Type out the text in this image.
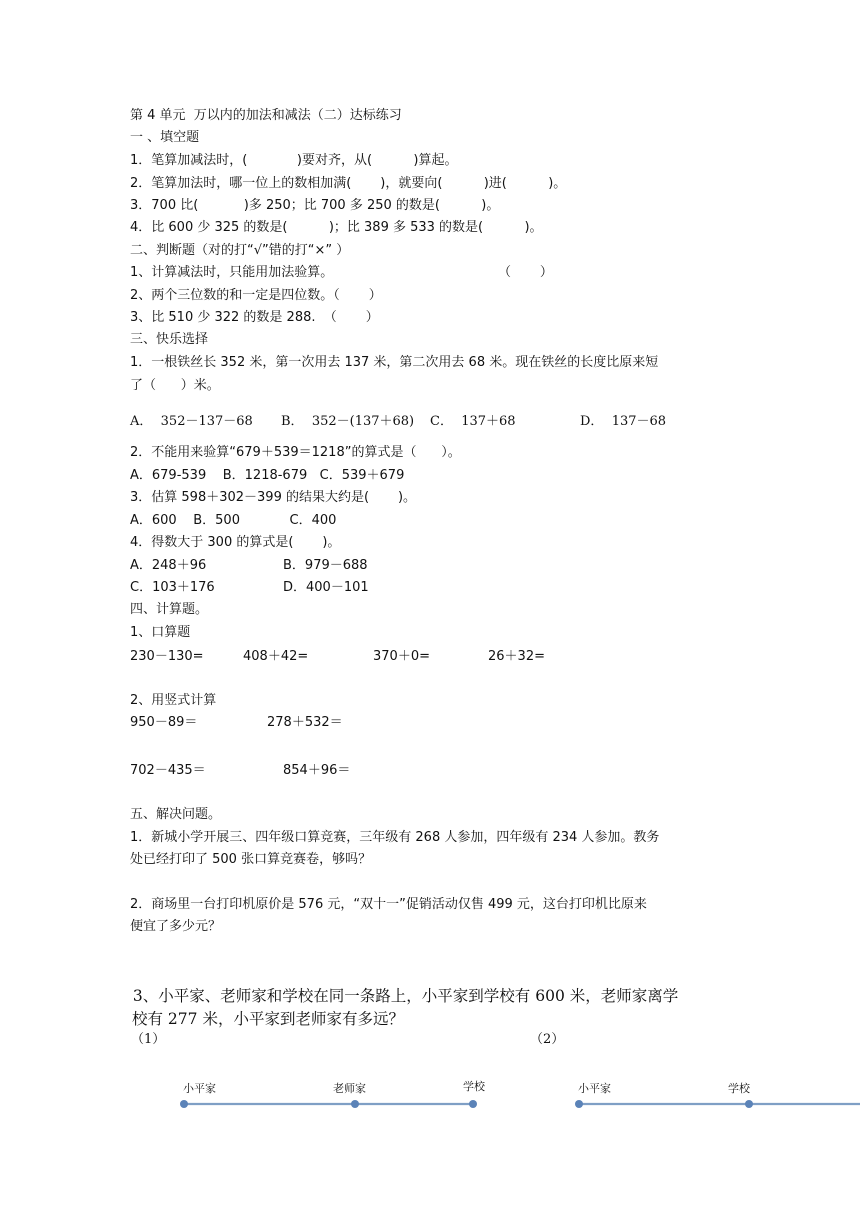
第 4 单元  万以内的加法和减法（二）达标练习
一 、填空题
1．笔算加减法时，(            )要对齐，从(          )算起。
2．笔算加法时，哪一位上的数相加满(       )，就要向(          )进(          )。
3．700 比(           )多 250；比 700 多 250 的数是(          )。
4．比 600 少 325 的数是(          )；比 389 多 533 的数是(          )。
二、判断题（对的打“√”错的打“×” ）
1、计算减法时，只能用加法验算。	（       ）
2、两个三位数的和一定是四位数。（       ）
3、比 510 少 322 的数是 288.  （       ）
三、快乐选择
1．一根铁丝长 352 米，第一次用去 137 米，第二次用去 68 米。现在铁丝的长度比原来短
了（      ）米。
A．  352－137－68 B．  352－(137＋68) C．  137＋68	D．  137－68
2．不能用来验算“679＋539＝1218”的算式是（      ）。
A．679-539    B．1218-679   C．539＋679
3．估算 598＋302－399 的结果大约是(       )。
A．600    B．500            C．400
4．得数大于 300 的算式是(       )。
A．248＋96	B．979－688
C．103＋176	D．400－101
四、计算题。
1、口算题
230－130=	408＋42=	370＋0=	26＋32=
2、用竖式计算
950－89＝	278＋532＝
702－435＝	854＋96＝
五、解决问题。
1．新城小学开展三、四年级口算竞赛，三年级有 268 人参加，四年级有 234 人参加。教务
处已经打印了 500 张口算竞赛卷，够吗？
2．商场里一台打印机原价是 576 元，“双十一”促销活动仅售 499 元，这台打印机比原来
便宜了多少元？
3、小平家、老师家和学校在同一条路上，小平家到学校有 600 米，老师家离学
校有 277 米，小平家到老师家有多远？
（1）	（2）
小平家	老师家	学校	小平家	学校
